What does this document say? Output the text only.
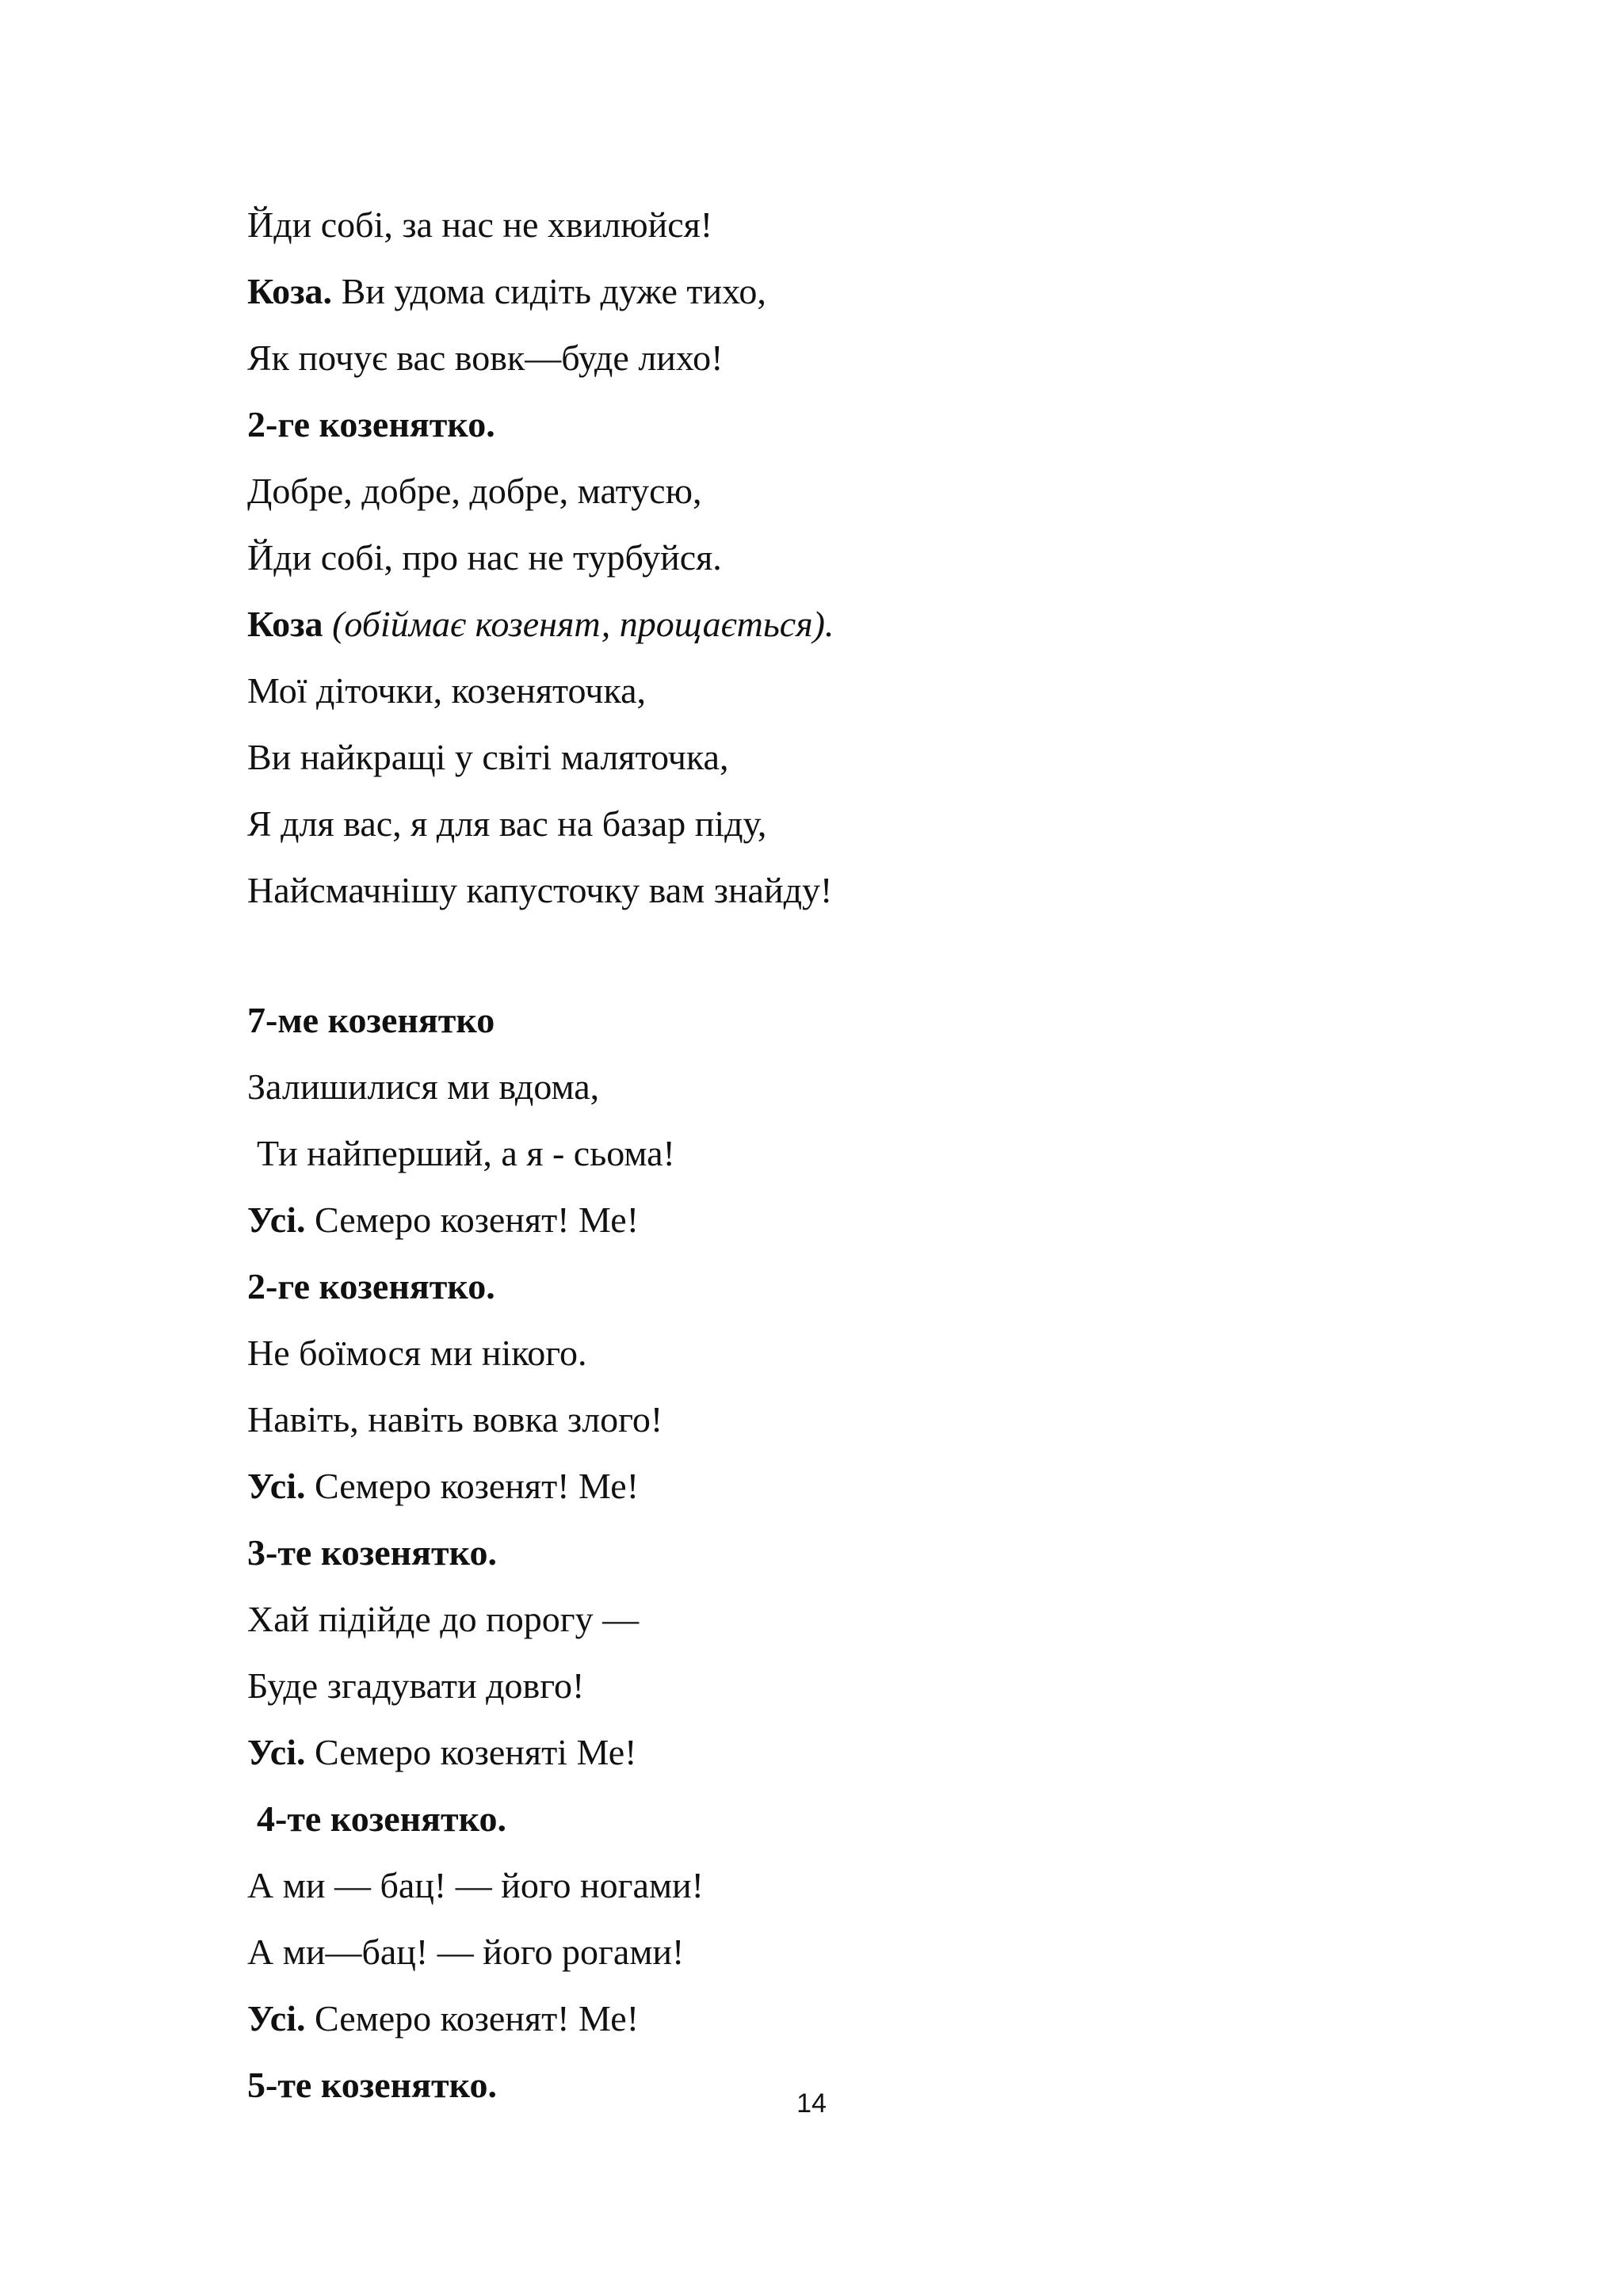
Йди собі, за нас не хвилюйся!
Коза. Ви удома сидіть дуже тихо,
Як почує вас вовк—буде лихо!
2-ге козенятко.
Добре, добре, добре, матусю,
Йди собі, про нас не турбуйся.
Коза (обіймає козенят, прощається).
Мої діточки, козеняточка,
Ви найкращі у світі маляточка,
Я для вас, я для вас на базар піду,
Найсмачнішу капусточку вам знайду!
7-ме козенятко
Залишилися ми вдома,
Ти найперший, а я - сьома!
Усі. Семеро козенят! Ме!
2-ге козенятко.
Не боїмося ми нікого.
Навіть, навіть вовка злого!
Усі. Семеро козенят! Ме!
3-те козенятко.
Хай підійде до порогу —
Буде згадувати довго!
Усі. Семеро козеняті Ме!
4-те козенятко.
А ми — бац! — його ногами!
А ми—бац! — його рогами!
Усі. Семеро козенят! Ме!
5-те козенятко.	14
